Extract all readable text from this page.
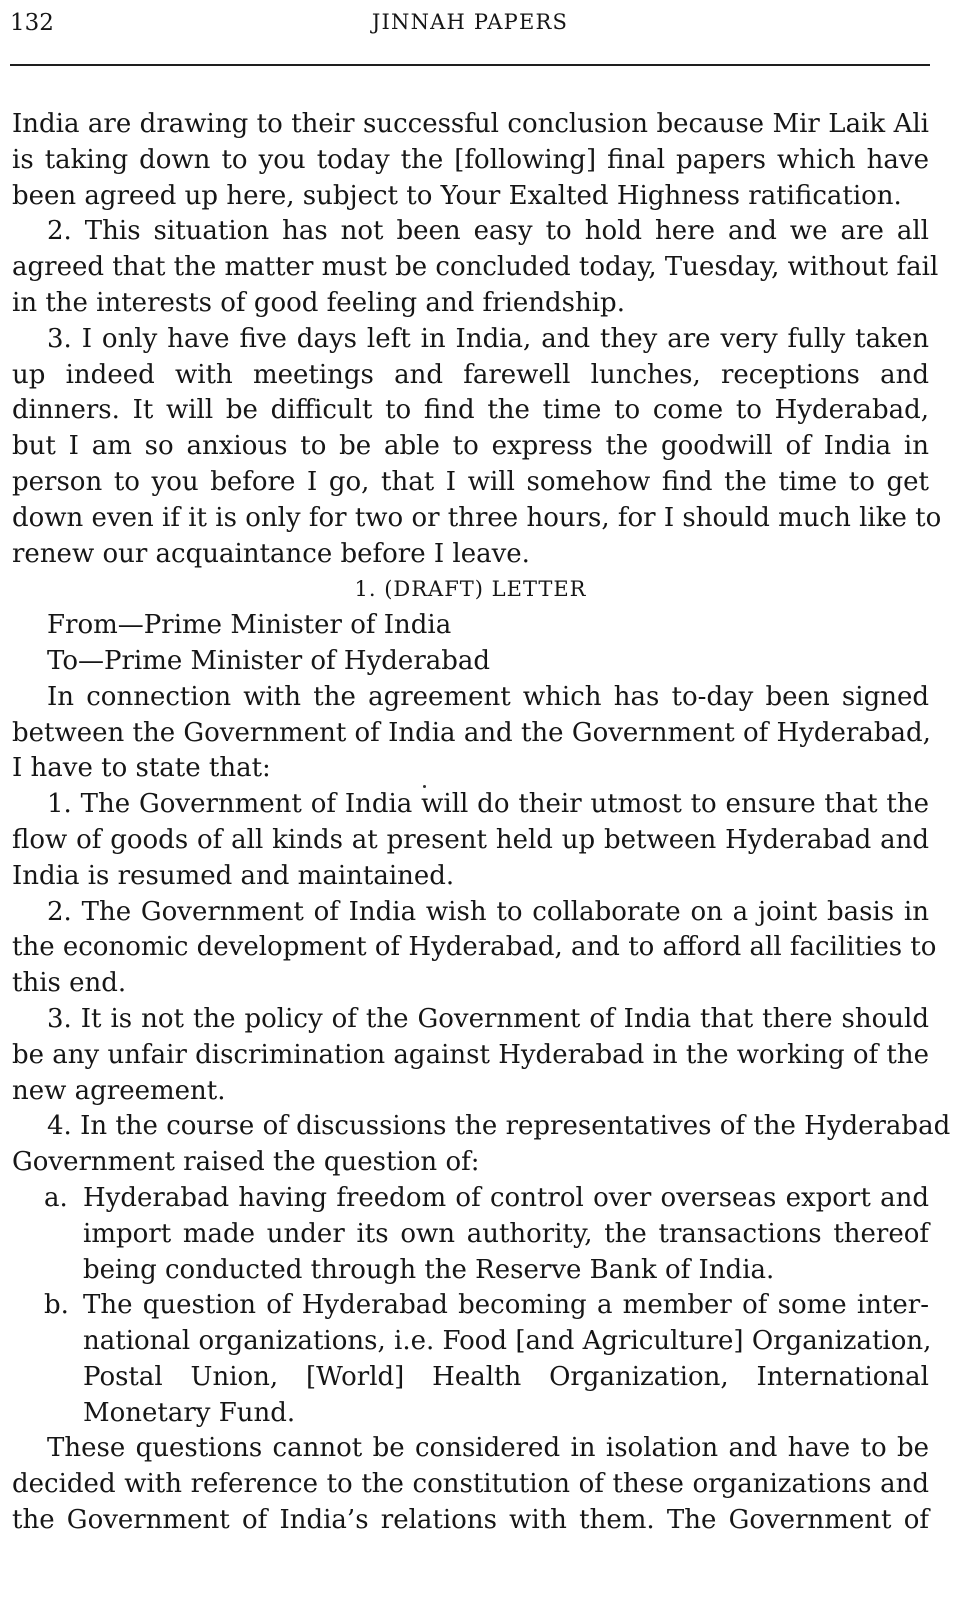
132	JINNAH PAPERS
India are drawing to their successful conclusion because Mir Laik Ali
is taking down to you today the [following] final papers which have
been agreed up here, subject to Your Exalted Highness ratification.
2. This situation has not been easy to hold here and we are all
agreed that the matter must be concluded today, Tuesday, without fail
in the interests of good feeling and friendship.
3. I only have five days left in India, and they are very fully taken
up indeed with meetings and farewell lunches, receptions and
dinners. It will be difficult to find the time to come to Hyderabad,
but I am so anxious to be able to express the goodwill of India in
person to you before I go, that I will somehow find the time to get
down even if it is only for two or three hours, for I should much like to
renew our acquaintance before I leave.
1. (DRAFT) LETTER
From—Prime Minister of India
To—Prime Minister of Hyderabad
In connection with the agreement which has to-day been signed
between the Government of India and the Government of Hyderabad,
I have to state that:
1. The Government of India will do their utmost to ensure that the
flow of goods of all kinds at present held up between Hyderabad and
India is resumed and maintained.
2. The Government of India wish to collaborate on a joint basis in
the economic development of Hyderabad, and to afford all facilities to
this end.
3. It is not the policy of the Government of India that there should
be any unfair discrimination against Hyderabad in the working of the
new agreement.
4. In the course of discussions the representatives of the Hyderabad
Government raised the question of:
a. Hyderabad having freedom of control over overseas export and
import made under its own authority, the transactions thereof
being conducted through the Reserve Bank of India.
b. The question of Hyderabad becoming a member of some inter-
national organizations, i.e. Food [and Agriculture] Organization,
Postal Union, [World] Health Organization, International
Monetary Fund.
These questions cannot be considered in isolation and have to be
decided with reference to the constitution of these organizations and
the Government of India’s relations with them. The Government of
